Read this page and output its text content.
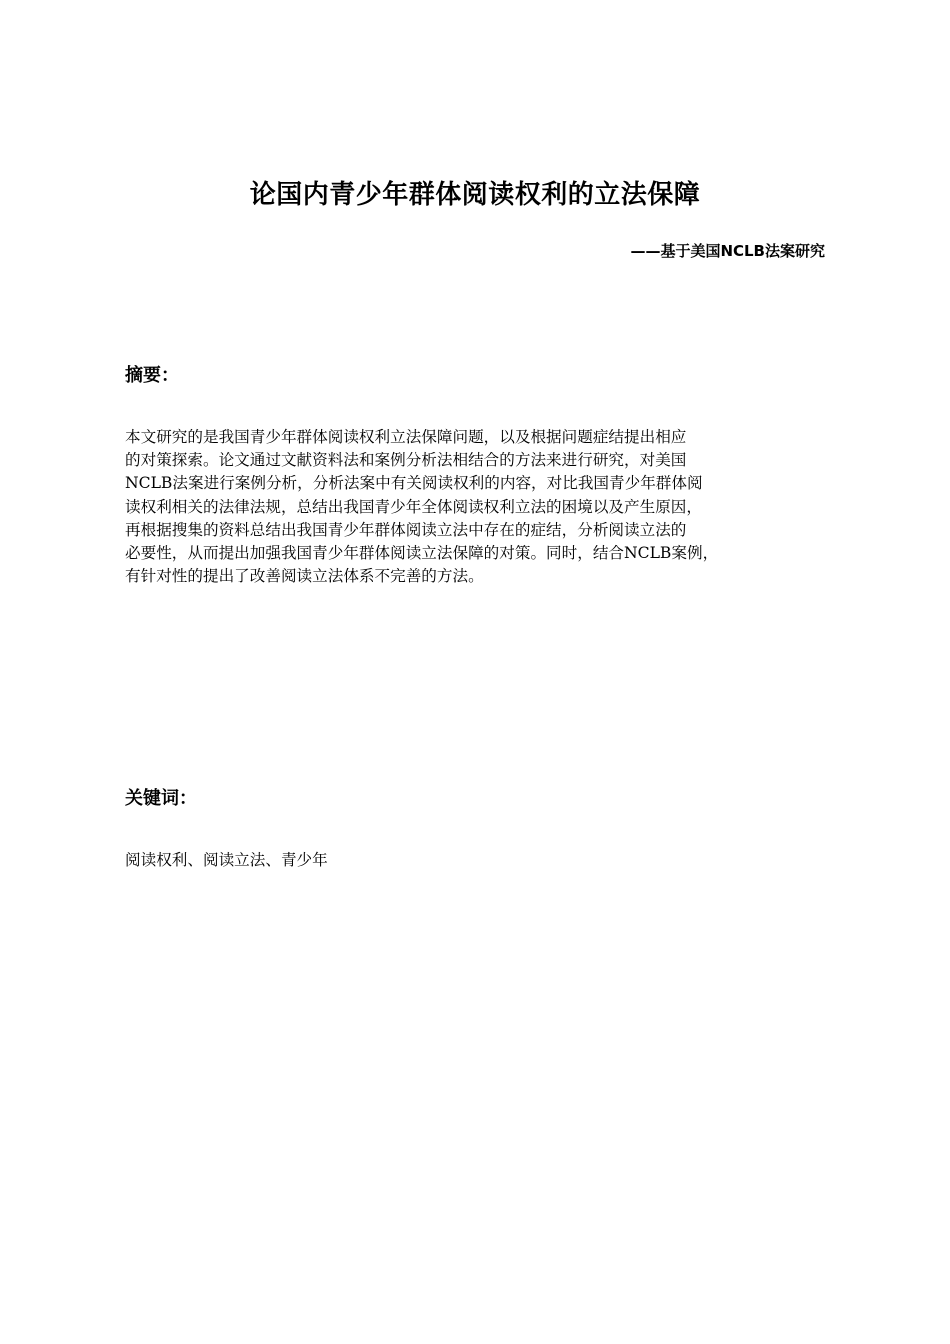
论国内青少年群体阅读权利的立法保障

——基于美国NCLB法案研究

摘要：
本文研究的是我国青少年群体阅读权利立法保障问题，以及根据问题症结提出相应
的对策探索。论文通过文献资料法和案例分析法相结合的方法来进行研究，对美国
NCLB法案进行案例分析，分析法案中有关阅读权利的内容，对比我国青少年群体阅
读权利相关的法律法规，总结出我国青少年全体阅读权利立法的困境以及产生原因，
再根据搜集的资料总结出我国青少年群体阅读立法中存在的症结，分析阅读立法的
必要性，从而提出加强我国青少年群体阅读立法保障的对策。同时，结合NCLB案例，
有针对性的提出了改善阅读立法体系不完善的方法。
关键词：

阅读权利、阅读立法、青少年
